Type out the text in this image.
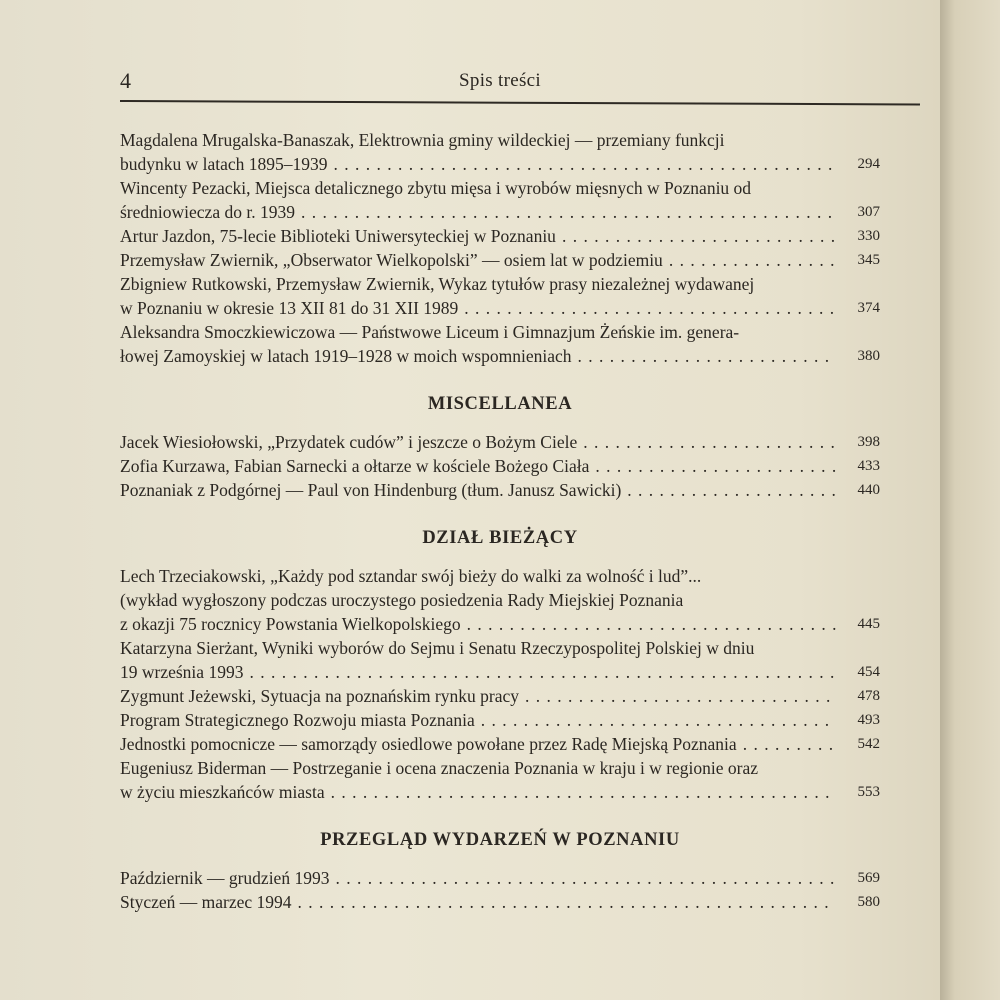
4	Spis treści
Magdalena Mrugalska-Banaszak, Elektrownia gminy wildeckiej — przemiany funkcji
budynku w latach 1895–1939 . . .	294
Wincenty Pezacki, Miejsca detalicznego zbytu mięsa i wyrobów mięsnych w Poznaniu od
średniowiecza do r. 1939 . . .	307
Artur Jazdon, 75-lecie Biblioteki Uniwersyteckiej w Poznaniu . . .	330
Przemysław Zwiernik, „Obserwator Wielkopolski” — osiem lat w podziemiu . . .	345
Zbigniew Rutkowski, Przemysław Zwiernik, Wykaz tytułów prasy niezależnej wydawanej
w Poznaniu w okresie 13 XII 81 do 31 XII 1989 . . .	374
Aleksandra Smoczkiewiczowa — Państwowe Liceum i Gimnazjum Żeńskie im. genera-
łowej Zamoyskiej w latach 1919–1928 w moich wspomnieniach . . .	380
MISCELLANEA
Jacek Wiesiołowski, „Przydatek cudów” i jeszcze o Bożym Ciele . . .	398
Zofia Kurzawa, Fabian Sarnecki a ołtarze w kościele Bożego Ciała . . .	433
Poznaniak z Podgórnej — Paul von Hindenburg (tłum. Janusz Sawicki) . . .	440
DZIAŁ BIEŻĄCY
Lech Trzeciakowski, „Każdy pod sztandar swój bieży do walki za wolność i lud”...
(wykład wygłoszony podczas uroczystego posiedzenia Rady Miejskiej Poznania
z okazji 75 rocznicy Powstania Wielkopolskiego . . .	445
Katarzyna Sierżant, Wyniki wyborów do Sejmu i Senatu Rzeczypospolitej Polskiej w dniu
19 września 1993 . . .	454
Zygmunt Jeżewski, Sytuacja na poznańskim rynku pracy . . .	478
Program Strategicznego Rozwoju miasta Poznania . . .	493
Jednostki pomocnicze — samorządy osiedlowe powołane przez Radę Miejską Poznania . . .	542
Eugeniusz Biderman — Postrzeganie i ocena znaczenia Poznania w kraju i w regionie oraz
w życiu mieszkańców miasta . . .	553
PRZEGLĄD WYDARZEŃ W POZNANIU
Październik — grudzień 1993 . . .	569
Styczeń — marzec 1994 . . .	580
